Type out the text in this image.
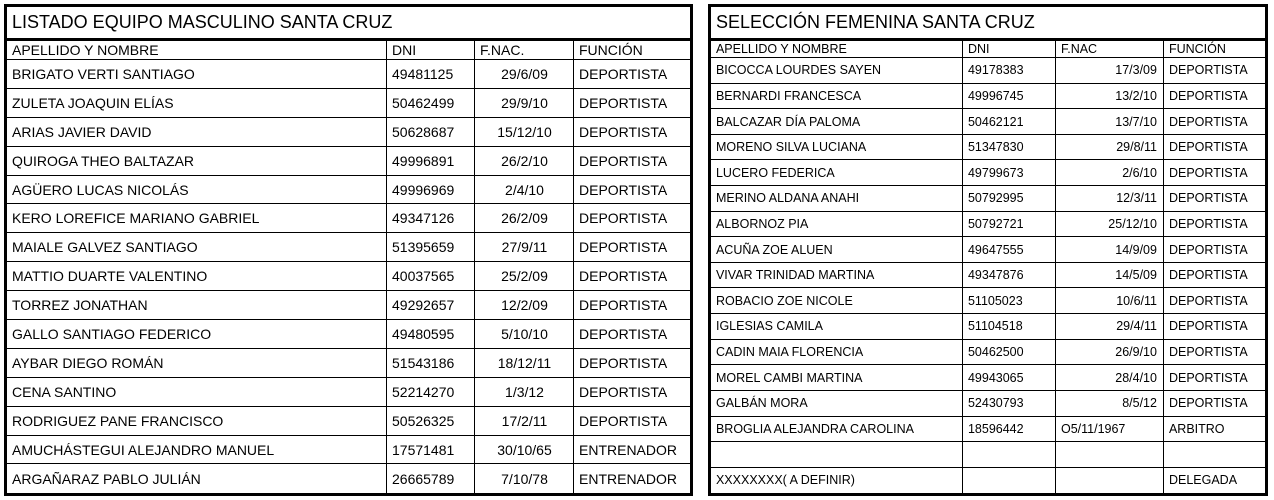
LISTADO EQUIPO MASCULINO SANTA CRUZ			
APELLIDO Y NOMBRE	DNI	F.NAC.	FUNCIÓN
BRIGATO VERTI SANTIAGO	49481125	29/6/09	DEPORTISTA
ZULETA JOAQUIN ELÍAS	50462499	29/9/10	DEPORTISTA
ARIAS JAVIER DAVID	50628687	15/12/10	DEPORTISTA
QUIROGA THEO BALTAZAR	49996891	26/2/10	DEPORTISTA
AGÜERO LUCAS NICOLÁS	49996969	2/4/10	DEPORTISTA
KERO LOREFICE MARIANO GABRIEL	49347126	26/2/09	DEPORTISTA
MAIALE GALVEZ SANTIAGO	51395659	27/9/11	DEPORTISTA
MATTIO DUARTE VALENTINO	40037565	25/2/09	DEPORTISTA
TORREZ JONATHAN	49292657	12/2/09	DEPORTISTA
GALLO SANTIAGO FEDERICO	49480595	5/10/10	DEPORTISTA
AYBAR DIEGO ROMÁN	51543186	18/12/11	DEPORTISTA
CENA SANTINO	52214270	1/3/12	DEPORTISTA
RODRIGUEZ PANE FRANCISCO	50526325	17/2/11	DEPORTISTA
AMUCHÁSTEGUI ALEJANDRO MANUEL	17571481	30/10/65	ENTRENADOR
ARGAÑARAZ PABLO JULIÁN	26665789	7/10/78	ENTRENADOR
SELECCIÓN FEMENINA SANTA CRUZ			
APELLIDO Y NOMBRE	DNI	F.NAC	FUNCIÓN
BICOCCA LOURDES SAYEN	49178383	17/3/09	DEPORTISTA
BERNARDI FRANCESCA	49996745	13/2/10	DEPORTISTA
BALCAZAR DÍA PALOMA	50462121	13/7/10	DEPORTISTA
MORENO SILVA LUCIANA	51347830	29/8/11	DEPORTISTA
LUCERO FEDERICA	49799673	2/6/10	DEPORTISTA
MERINO ALDANA ANAHI	50792995	12/3/11	DEPORTISTA
ALBORNOZ PIA	50792721	25/12/10	DEPORTISTA
ACUÑA ZOE ALUEN	49647555	14/9/09	DEPORTISTA
VIVAR TRINIDAD MARTINA	49347876	14/5/09	DEPORTISTA
ROBACIO ZOE NICOLE	51105023	10/6/11	DEPORTISTA
IGLESIAS CAMILA	51104518	29/4/11	DEPORTISTA
CADIN MAIA FLORENCIA	50462500	26/9/10	DEPORTISTA
MOREL CAMBI MARTINA	49943065	28/4/10	DEPORTISTA
GALBÁN MORA	52430793	8/5/12	DEPORTISTA
BROGLIA ALEJANDRA CAROLINA	18596442	O5/11/1967	ARBITRO

XXXXXXXX( A DEFINIR)			DELEGADA
